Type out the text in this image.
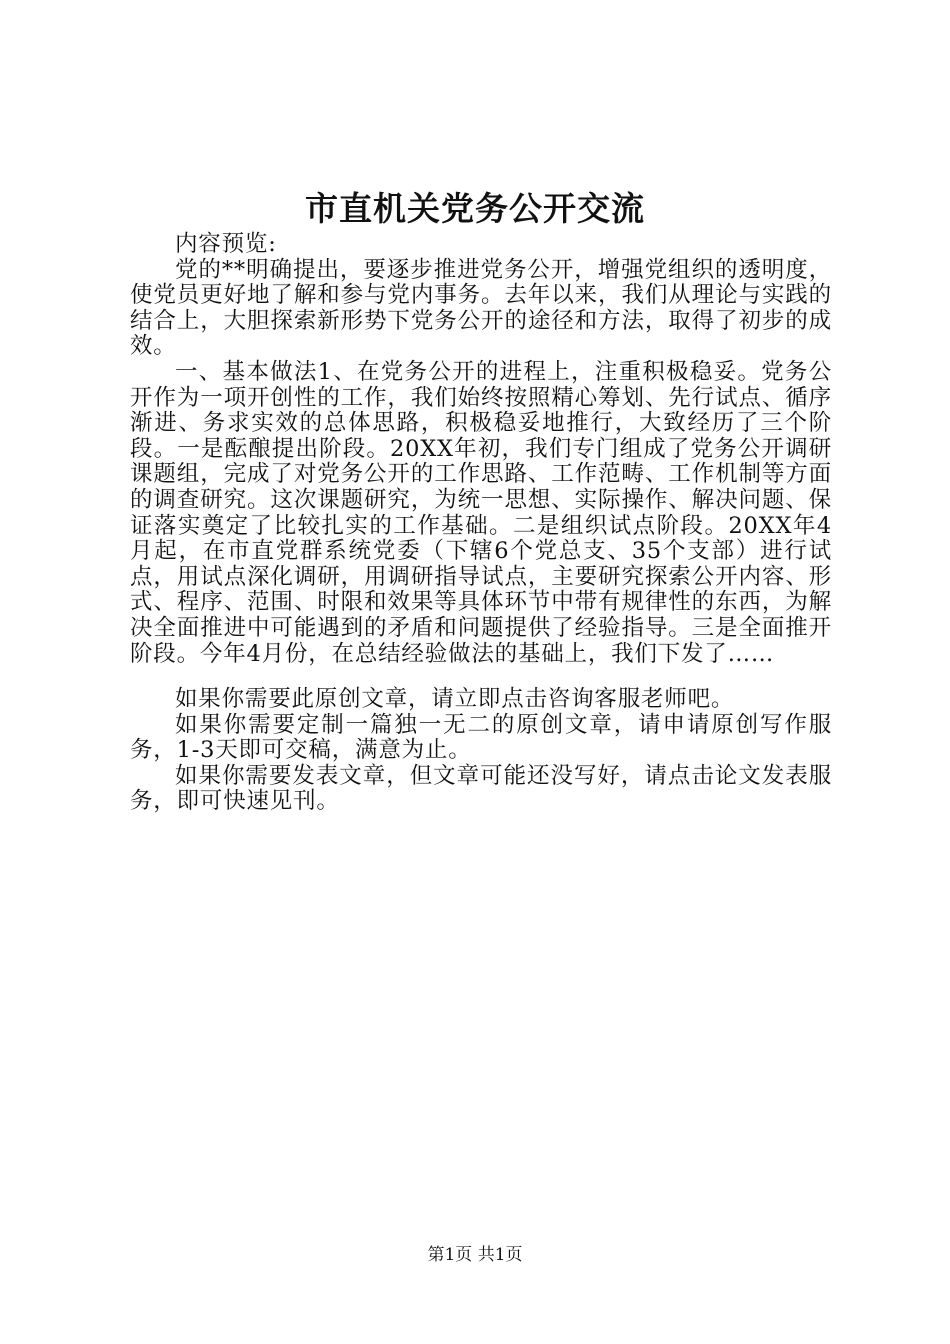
市直机关党务公开交流

内容预览:

党的**明确提出，要逐步推进党务公开，增强党组织的透明度，使党员更好地了解和参与党内事务。去年以来，我们从理论与实践的结合上，大胆探索新形势下党务公开的途径和方法，取得了初步的成效。

一、基本做法1、在党务公开的进程上，注重积极稳妥。党务公开作为一项开创性的工作，我们始终按照精心筹划、先行试点、循序渐进、务求实效的总体思路，积极稳妥地推行，大致经历了三个阶段。一是酝酿提出阶段。20XX年初，我们专门组成了党务公开调研课题组，完成了对党务公开的工作思路、工作范畴、工作机制等方面的调查研究。这次课题研究，为统一思想、实际操作、解决问题、保证落实奠定了比较扎实的工作基础。二是组织试点阶段。20XX年4月起，在市直党群系统党委（下辖6个党总支、35个支部）进行试点，用试点深化调研，用调研指导试点，主要研究探索公开内容、形式、程序、范围、时限和效果等具体环节中带有规律性的东西，为解决全面推进中可能遇到的矛盾和问题提供了经验指导。三是全面推开阶段。今年4月份，在总结经验做法的基础上，我们下发了……

如果你需要此原创文章，请立即点击咨询客服老师吧。

如果你需要定制一篇独一无二的原创文章，请申请原创写作服务，1-3天即可交稿，满意为止。

如果你需要发表文章，但文章可能还没写好，请点击论文发表服务，即可快速见刊。

第1页 共1页
